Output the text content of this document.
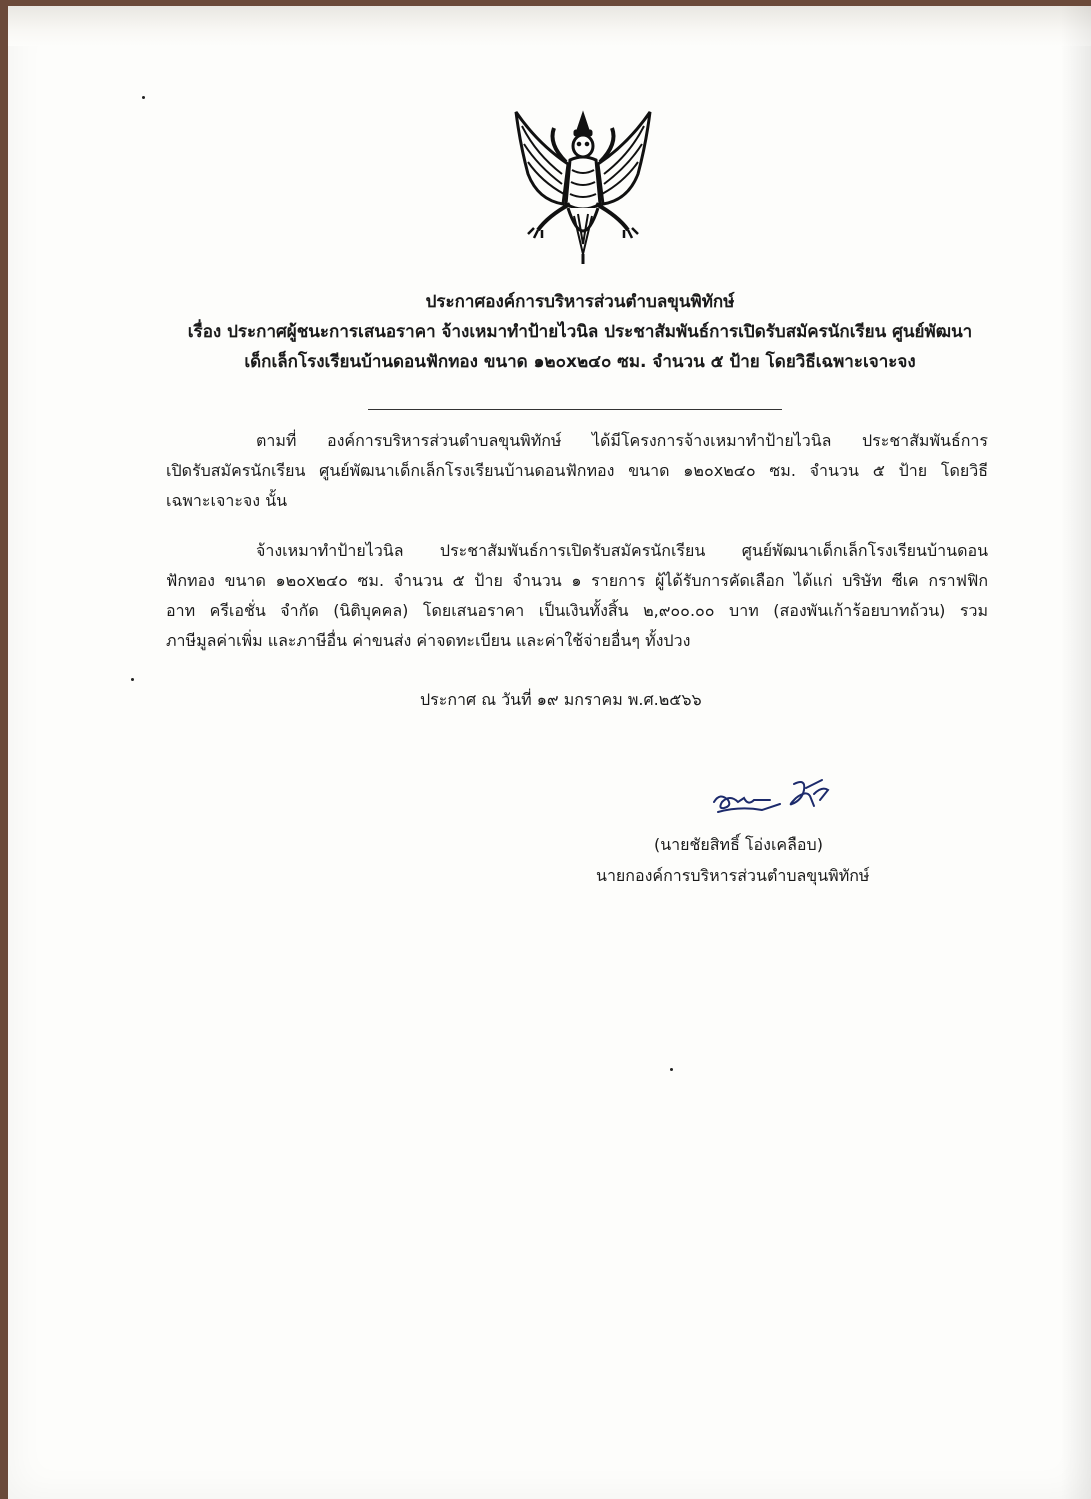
ประกาศองค์การบริหารส่วนตำบลขุนพิทักษ์
เรื่อง ประกาศผู้ชนะการเสนอราคา จ้างเหมาทำป้ายไวนิล ประชาสัมพันธ์การเปิดรับสมัครนักเรียน ศูนย์พัฒนา
เด็กเล็กโรงเรียนบ้านดอนฟักทอง ขนาด ๑๒๐x๒๔๐ ซม. จำนวน ๕ ป้าย โดยวิธีเฉพาะเจาะจง
ตามที่ องค์การบริหารส่วนตำบลขุนพิทักษ์ ได้มีโครงการจ้างเหมาทำป้ายไวนิล ประชาสัมพันธ์การ
เปิดรับสมัครนักเรียน ศูนย์พัฒนาเด็กเล็กโรงเรียนบ้านดอนฟักทอง ขนาด ๑๒๐x๒๔๐ ซม. จำนวน ๕ ป้าย โดยวิธี
เฉพาะเจาะจง นั้น
จ้างเหมาทำป้ายไวนิล ประชาสัมพันธ์การเปิดรับสมัครนักเรียน ศูนย์พัฒนาเด็กเล็กโรงเรียนบ้านดอน
ฟักทอง ขนาด ๑๒๐x๒๔๐ ซม. จำนวน ๕ ป้าย จำนวน ๑ รายการ ผู้ได้รับการคัดเลือก ได้แก่ บริษัท ซีเค กราฟฟิก
อาท ครีเอชั่น จำกัด (นิติบุคคล) โดยเสนอราคา เป็นเงินทั้งสิ้น ๒,๙๐๐.๐๐ บาท (สองพันเก้าร้อยบาทถ้วน) รวม
ภาษีมูลค่าเพิ่ม และภาษีอื่น ค่าขนส่ง ค่าจดทะเบียน และค่าใช้จ่ายอื่นๆ ทั้งปวง
ประกาศ ณ วันที่ ๑๙ มกราคม พ.ศ.๒๕๖๖
(นายชัยสิทธิ์ โอ่งเคลือบ)
นายกองค์การบริหารส่วนตำบลขุนพิทักษ์
